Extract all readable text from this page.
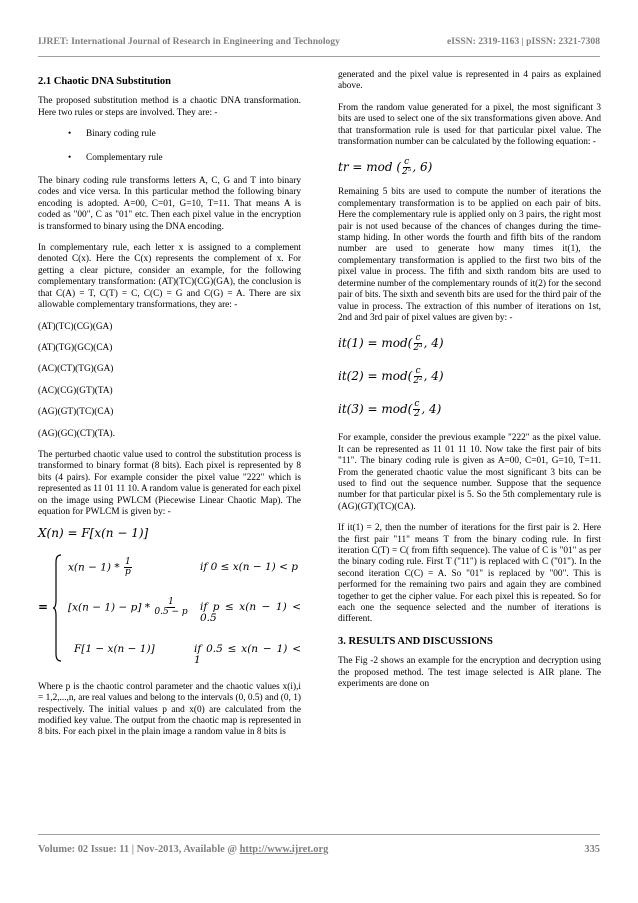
IJRET: International Journal of Research in Engineering and Technology	eISSN: 2319-1163 | pISSN: 2321-7308
2.1 Chaotic DNA Substitution

The proposed substitution method is a chaotic DNA transformation. Here two rules or steps are involved. They are: -

• Binary coding rule
• Complementary rule

The binary coding rule transforms letters A, C, G and T into binary codes and vice versa. In this particular method the following binary encoding is adopted. A=00, C=01, G=10, T=11. That means A is coded as "00", C as "01" etc. Then each pixel value in the encryption is transformed to binary using the DNA encoding.

In complementary rule, each letter x is assigned to a complement denoted C(x). Here the C(x) represents the complement of x. For getting a clear picture, consider an example, for the following complementary transformation: (AT)(TC)(CG)(GA), the conclusion is that C(A) = T, C(T) = C, C(C) = G and C(G) = A. There are six allowable complementary transformations, they are: -

(AT)(TC)(CG)(GA)

(AT)(TG)(GC)(CA)

(AC)(CT)(TG)(GA)

(AC)(CG)(GT)(TA)

(AG)(GT)(TC)(CA)

(AG)(GC)(CT)(TA).

The perturbed chaotic value used to control the substitution process is transformed to binary format (8 bits). Each pixel is represented by 8 bits (4 pairs). For example consider the pixel value "222" which is represented as 11 01 11 10. A random value is generated for each pixel on the image using PWLCM (Piecewise Linear Chaotic Map). The equation for PWLCM is given by: -

X(n) = F[x(n − 1)]
=
$x(n - 1) * \frac{1}{p}$	if 0 ≤ x(n − 1) < p
$[x(n - 1) - p] * \frac{1}{0.5 - p}$ if p ≤ x(n − 1) < 0.5
F[1 − x(n − 1)]	if 0.5 ≤ x(n − 1) < 1

Where p is the chaotic control parameter and the chaotic values x(i),i = 1,2,...,n, are real values and belong to the intervals (0, 0.5) and (0, 1) respectively. The initial values p and x(0) are calculated from the modified key value. The output from the chaotic map is represented in 8 bits. For each pixel in the plain image a random value in 8 bits is

generated and the pixel value is represented in 4 pairs as explained above.

From the random value generated for a pixel, the most significant 3 bits are used to select one of the six transformations given above. And that transformation rule is used for that particular pixel value. The transformation number can be calculated by the following equation: -

tr = mod ( $\frac{c}{\text{2⁵}}$ , 6)

Remaining 5 bits are used to compute the number of iterations the complementary transformation is to be applied on each pair of bits. Here the complementary rule is applied only on 3 pairs, the right most pair is not used because of the chances of changes during the time-stamp hiding. In other words the fourth and fifth bits of the random number are used to generate how many times it(1), the complementary transformation is applied to the first two bits of the pixel value in process. The fifth and sixth random bits are used to determine number of the complementary rounds of it(2) for the second pair of bits. The sixth and seventh bits are used for the third pair of the value in process. The extraction of this number of iterations on 1st, 2nd and 3rd pair of pixel values are given by: -

$it(1) = mod( \frac{c}{\text{2³}}$ , 4)
$it(2) = mod( \frac{c}{\text{2²}}$ , 4)
$it(3) = mod( \frac{c}{2}$ , 4)

For example, consider the previous example "222" as the pixel value. It can be represented as 11 01 11 10. Now take the first pair of bits "11". The binary coding rule is given as A=00, C=01, G=10, T=11. From the generated chaotic value the most significant 3 bits can be used to find out the sequence number. Suppose that the sequence number for that particular pixel is 5. So the 5th complementary rule is (AG)(GT)(TC)(CA).

If it(1) = 2, then the number of iterations for the first pair is 2. Here the first pair "11" means T from the binary coding rule. In first iteration C(T) = C( from fifth sequence). The value of C is "01" as per the binary coding rule. First T ("11") is replaced with C ("01"). In the second iteration C(C) = A. So "01" is replaced by "00". This is performed for the remaining two pairs and again they are combined together to get the cipher value. For each pixel this is repeated. So for each one the sequence selected and the number of iterations is different.

3. RESULTS AND DISCUSSIONS

The Fig -2 shows an example for the encryption and decryption using the proposed method. The test image selected is AIR plane. The experiments are done on

Volume: 02 Issue: 11 | Nov-2013, Available @ http://www.ijret.org	335
